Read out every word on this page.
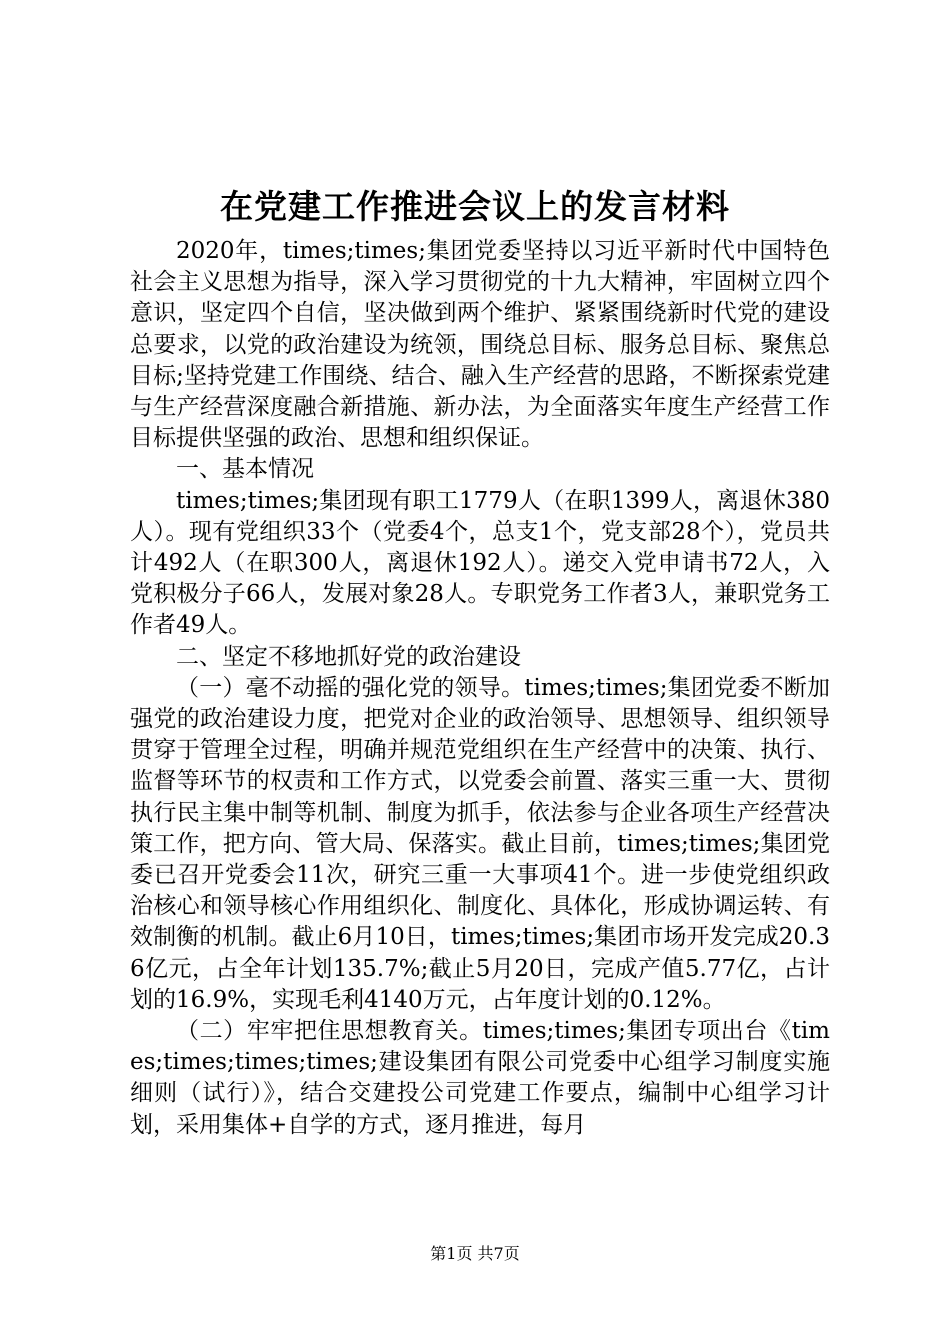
在党建工作推进会议上的发言材料

2020年，times;times;集团党委坚持以习近平新时代中国特色社会主义思想为指导，深入学习贯彻党的十九大精神，牢固树立四个意识，坚定四个自信，坚决做到两个维护、紧紧围绕新时代党的建设总要求，以党的政治建设为统领，围绕总目标、服务总目标、聚焦总目标;坚持党建工作围绕、结合、融入生产经营的思路，不断探索党建与生产经营深度融合新措施、新办法，为全面落实年度生产经营工作目标提供坚强的政治、思想和组织保证。

一、基本情况

times;times;集团现有职工1779人（在职1399人，离退休380人）。现有党组织33个（党委4个，总支1个，党支部28个），党员共计492人（在职300人，离退休192人）。递交入党申请书72人，入党积极分子66人，发展对象28人。专职党务工作者3人，兼职党务工作者49人。

二、坚定不移地抓好党的政治建设

（一）毫不动摇的强化党的领导。times;times;集团党委不断加强党的政治建设力度，把党对企业的政治领导、思想领导、组织领导贯穿于管理全过程，明确并规范党组织在生产经营中的决策、执行、监督等环节的权责和工作方式，以党委会前置、落实三重一大、贯彻执行民主集中制等机制、制度为抓手，依法参与企业各项生产经营决策工作，把方向、管大局、保落实。截止目前，times;times;集团党委已召开党委会11次，研究三重一大事项41个。进一步使党组织政治核心和领导核心作用组织化、制度化、具体化，形成协调运转、有效制衡的机制。截止6月10日，times;times;集团市场开发完成20.36亿元，占全年计划135.7%;截止5月20日，完成产值5.77亿，占计划的16.9%，实现毛利4140万元，占年度计划的0.12%。

（二）牢牢把住思想教育关。times;times;集团专项出台《times;times;times;times;建设集团有限公司党委中心组学习制度实施细则（试行）》，结合交建投公司党建工作要点，编制中心组学习计划，采用集体+自学的方式，逐月推进，每月

第1页 共7页
